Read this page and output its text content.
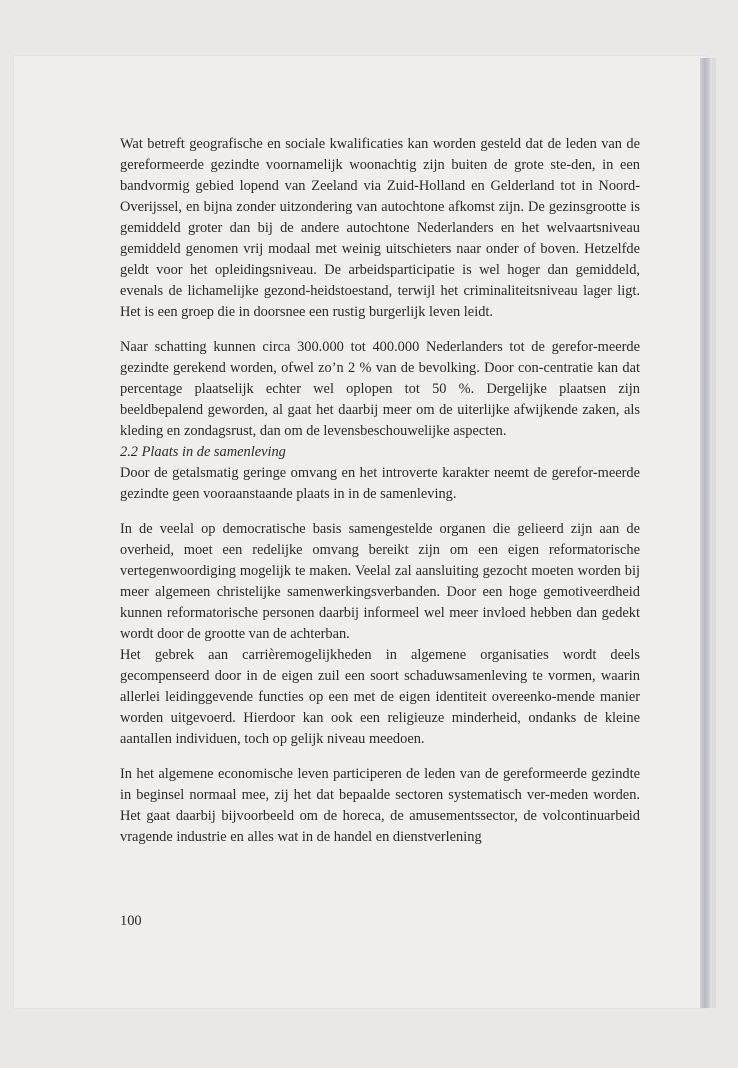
Wat betreft geografische en sociale kwalificaties kan worden gesteld dat de leden van de gereformeerde gezindte voornamelijk woonachtig zijn buiten de grote ste-den, in een bandvormig gebied lopend van Zeeland via Zuid-Holland en Gelderland tot in Noord-Overijssel, en bijna zonder uitzondering van autochtone afkomst zijn. De gezinsgrootte is gemiddeld groter dan bij de andere autochtone Nederlanders en het welvaartsniveau gemiddeld genomen vrij modaal met weinig uitschieters naar onder of boven. Hetzelfde geldt voor het opleidingsniveau. De arbeidsparticipatie is wel hoger dan gemiddeld, evenals de lichamelijke gezond-heidstoestand, terwijl het criminaliteitsniveau lager ligt. Het is een groep die in doorsnee een rustig burgerlijk leven leidt.

Naar schatting kunnen circa 300.000 tot 400.000 Nederlanders tot de gerefor-meerde gezindte gerekend worden, ofwel zo’n 2 % van de bevolking. Door con-centratie kan dat percentage plaatselijk echter wel oplopen tot 50 %. Dergelijke plaatsen zijn beeldbepalend geworden, al gaat het daarbij meer om de uiterlijke afwijkende zaken, als kleding en zondagsrust, dan om de levensbeschouwelijke aspecten.

2.2 Plaats in de samenleving

Door de getalsmatig geringe omvang en het introverte karakter neemt de gerefor-meerde gezindte geen vooraanstaande plaats in in de samenleving.

In de veelal op democratische basis samengestelde organen die gelieerd zijn aan de overheid, moet een redelijke omvang bereikt zijn om een eigen reformatorische vertegenwoordiging mogelijk te maken. Veelal zal aansluiting gezocht moeten worden bij meer algemeen christelijke samenwerkingsverbanden. Door een hoge gemotiveerdheid kunnen reformatorische personen daarbij informeel wel meer invloed hebben dan gedekt wordt door de grootte van de achterban.

Het gebrek aan carrièremogelijkheden in algemene organisaties wordt deels gecompenseerd door in de eigen zuil een soort schaduwsamenleving te vormen, waarin allerlei leidinggevende functies op een met de eigen identiteit overeenko-mende manier worden uitgevoerd. Hierdoor kan ook een religieuze minderheid, ondanks de kleine aantallen individuen, toch op gelijk niveau meedoen.

In het algemene economische leven participeren de leden van de gereformeerde gezindte in beginsel normaal mee, zij het dat bepaalde sectoren systematisch ver-meden worden. Het gaat daarbij bijvoorbeeld om de horeca, de amusementssector, de volcontinuarbeid vragende industrie en alles wat in de handel en dienstverlening

100
